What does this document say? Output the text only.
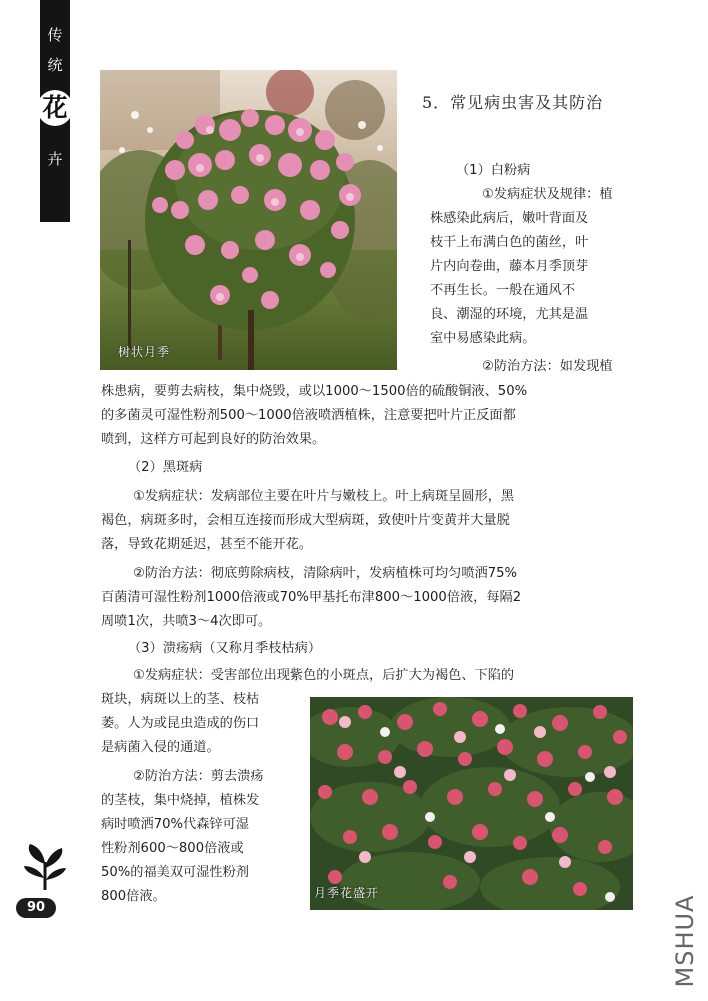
传
统
花
卉
树状月季
5．常见病虫害及其防治
（1）白粉病
①发病症状及规律：植
株感染此病后，嫩叶背面及
枝干上布满白色的菌丝，叶
片内向卷曲，藤本月季顶芽
不再生长。一般在通风不
良、潮湿的环境，尤其是温
室中易感染此病。
②防治方法：如发现植
株患病，要剪去病枝，集中烧毁，或以1000～1500倍的硫酸铜液、50%
的多菌灵可湿性粉剂500～1000倍液喷洒植株，注意要把叶片正反面都
喷到，这样方可起到良好的防治效果。
（2）黑斑病
①发病症状：发病部位主要在叶片与嫩枝上。叶上病斑呈圆形，黑
褐色，病斑多时，会相互连接而形成大型病斑，致使叶片变黄并大量脱
落，导致花期延迟，甚至不能开花。
②防治方法：彻底剪除病枝，清除病叶，发病植株可均匀喷洒75%
百菌清可湿性粉剂1000倍液或70%甲基托布津800～1000倍液，每隔2
周喷1次，共喷3～4次即可。
（3）溃疡病（又称月季枝枯病）
①发病症状：受害部位出现紫色的小斑点，后扩大为褐色、下陷的
斑块，病斑以上的茎、枝枯
萎。人为或昆虫造成的伤口
是病菌入侵的通道。
②防治方法：剪去溃疡
的茎枝，集中烧掉，植株发
病时喷洒70%代森锌可湿
性粉剂600～800倍液或
50%的福美双可湿性粉剂
800倍液。	月季花盛开
90	MSHUA
